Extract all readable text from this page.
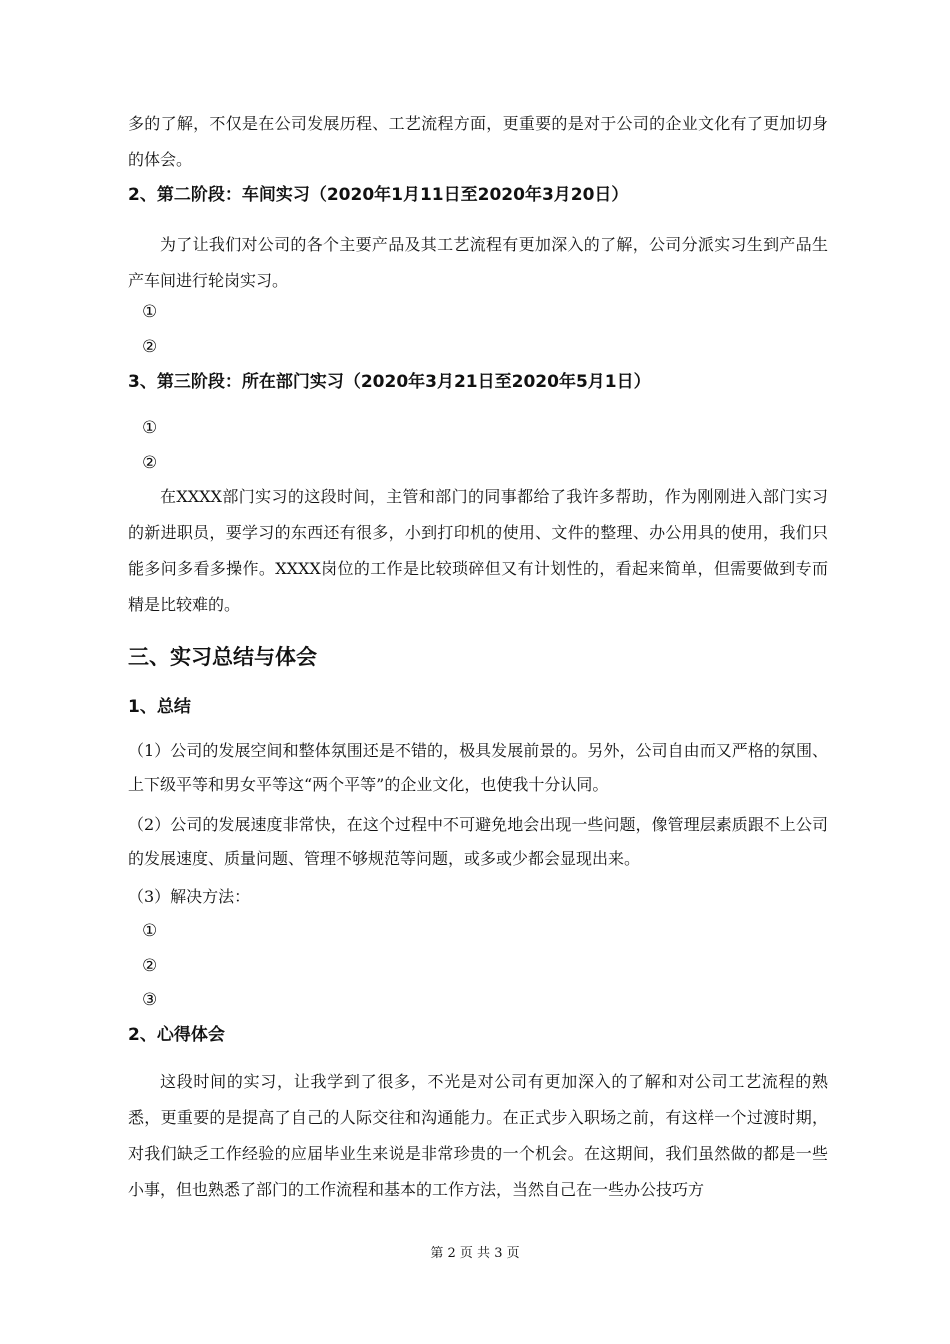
多的了解，不仅是在公司发展历程、工艺流程方面，更重要的是对于公司的企业文化有了更加切身的体会。

2、第二阶段：车间实习（2020年1月11日至2020年3月20日）

为了让我们对公司的各个主要产品及其工艺流程有更加深入的了解，公司分派实习生到产品生产车间进行轮岗实习。

①

②

3、第三阶段：所在部门实习（2020年3月21日至2020年5月1日）

①

②

在XXXX部门实习的这段时间，主管和部门的同事都给了我许多帮助，作为刚刚进入部门实习的新进职员，要学习的东西还有很多，小到打印机的使用、文件的整理、办公用具的使用，我们只能多问多看多操作。XXXX岗位的工作是比较琐碎但又有计划性的，看起来简单，但需要做到专而精是比较难的。

三、实习总结与体会

1、总结

（1）公司的发展空间和整体氛围还是不错的，极具发展前景的。另外，公司自由而又严格的氛围、上下级平等和男女平等这“两个平等”的企业文化，也使我十分认同。

（2）公司的发展速度非常快，在这个过程中不可避免地会出现一些问题，像管理层素质跟不上公司的发展速度、质量问题、管理不够规范等问题，或多或少都会显现出来。

（3）解决方法：

①

②

③

2、心得体会

这段时间的实习，让我学到了很多，不光是对公司有更加深入的了解和对公司工艺流程的熟悉，更重要的是提高了自己的人际交往和沟通能力。在正式步入职场之前，有这样一个过渡时期，对我们缺乏工作经验的应届毕业生来说是非常珍贵的一个机会。在这期间，我们虽然做的都是一些小事，但也熟悉了部门的工作流程和基本的工作方法，当然自己在一些办公技巧方

第 2 页 共 3 页
